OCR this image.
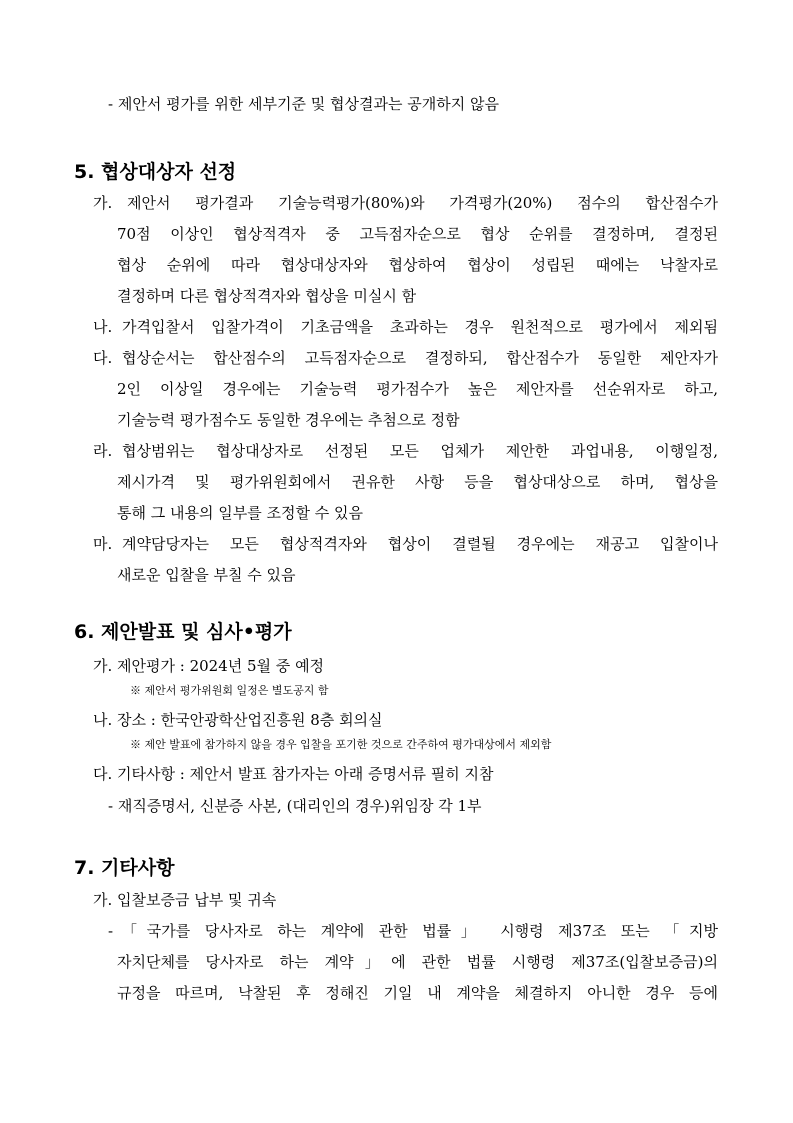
- 제안서 평가를 위한 세부기준 및 협상결과는 공개하지 않음
5. 협상대상자 선정
가. 제안서 평가결과 기술능력평가(80%)와 가격평가(20%) 점수의 합산점수가
70점 이상인 협상적격자 중 고득점자순으로 협상 순위를 결정하며, 결정된
협상 순위에 따라 협상대상자와 협상하여 협상이 성립된 때에는 낙찰자로
결정하며 다른 협상적격자와 협상을 미실시 함
나. 가격입찰서 입찰가격이 기초금액을 초과하는 경우 원천적으로 평가에서 제외됨
다. 협상순서는 합산점수의 고득점자순으로 결정하되, 합산점수가 동일한 제안자가
2인 이상일 경우에는 기술능력 평가점수가 높은 제안자를 선순위자로 하고,
기술능력 평가점수도 동일한 경우에는 추첨으로 정함
라. 협상범위는 협상대상자로 선정된 모든 업체가 제안한 과업내용, 이행일정,
제시가격 및 평가위원회에서 권유한 사항 등을 협상대상으로 하며, 협상을
통해 그 내용의 일부를 조정할 수 있음
마. 계약담당자는 모든 협상적격자와 협상이 결렬될 경우에는 재공고 입찰이나
새로운 입찰을 부칠 수 있음
6. 제안발표 및 심사•평가
가. 제안평가 : 2024년 5월 중 예정
※ 제안서 평가위원회 일정은 별도공지 함
나. 장소 : 한국안광학산업진흥원 8층 회의실
※ 제안 발표에 참가하지 않을 경우 입찰을 포기한 것으로 간주하여 평가대상에서 제외함
다. 기타사항 : 제안서 발표 참가자는 아래 증명서류 필히 지참
- 재직증명서, 신분증 사본, (대리인의 경우)위임장 각 1부
7. 기타사항
가. 입찰보증금 납부 및 귀속
- 「국가를 당사자로 하는 계약에 관한 법률」 시행령 제37조 또는 「지방
자치단체를 당사자로 하는 계약」에 관한 법률 시행령 제37조(입찰보증금)의
규정을 따르며, 낙찰된 후 정해진 기일 내 계약을 체결하지 아니한 경우 등에
